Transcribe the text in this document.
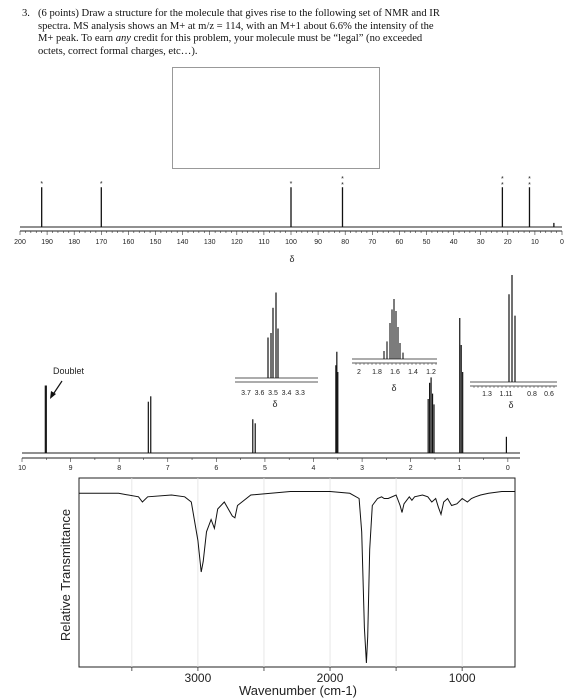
3. (6 points) Draw a structure for the molecule that gives rise to the following set of NMR and IR
spectra. MS analysis shows an M+ at m/z = 114, with an M+1 about 6.6% the intensity of the
M+ peak. To earn any credit for this problem, your molecule must be “legal” (no exceeded
octets, correct formal charges, etc…).
200 190 180 170 160 150 140 130 120 110 100 90	80	70	60	50	40	30	20	10	0
*	*	*
*
*
*
*
*
*
δ
10	9	8	7	6	5	4	3	2	1	0
3.7 3.6 3.5 3.4 3.3
2 1.8 1.6 1.4 1.2
1.3 1.11 0.8 0.6
Doublet
δ
δ
δ
3000	2000	1000
Relative Transmittance
Wavenumber (cm-1)
